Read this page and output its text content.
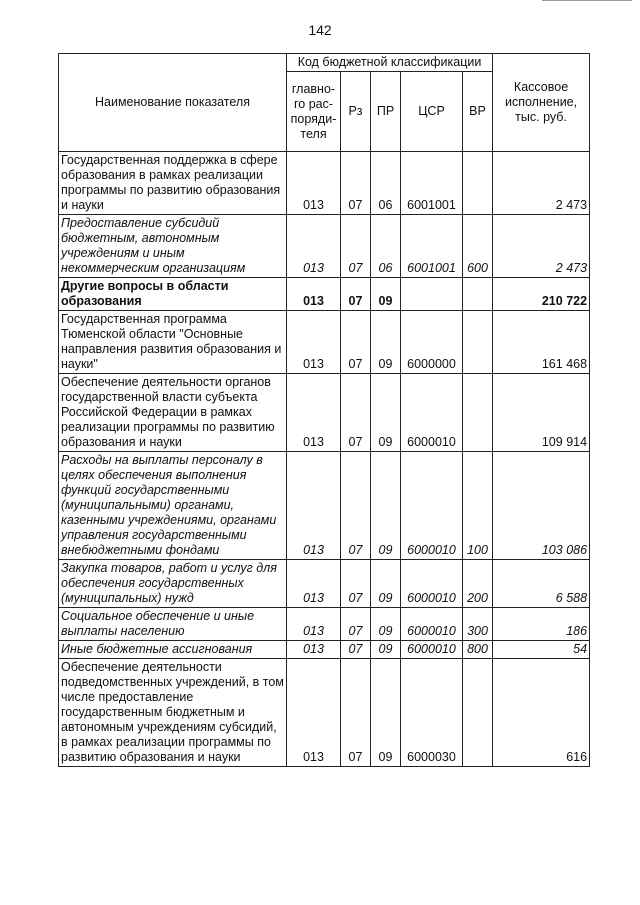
142
Наименование показателя	Код бюджетной классификации					Кассовое исполнение, тыс. руб.
	главно-го рас-поряди-теля	Рз	ПР	ЦСР	ВР	
Государственная поддержка в сфере образования в рамках реализации программы по развитию образования и науки	013	07	06	6001001		2 473
Предоставление субсидий бюджетным, автономным учреждениям и иным некоммерческим организациям	013	07	06	6001001	600	2 473
Другие вопросы в области образования	013	07	09			210 722
Государственная программа Тюменской области "Основные направления развития образования и науки"	013	07	09	6000000		161 468
Обеспечение деятельности органов государственной власти субъекта Российской Федерации в рамках реализации программы по развитию образования и науки	013	07	09	6000010		109 914
Расходы на выплаты персоналу в целях обеспечения выполнения функций государственными (муниципальными) органами, казенными учреждениями, органами управления государственными внебюджетными фондами	013	07	09	6000010	100	103 086
Закупка товаров, работ и услуг для обеспечения государственных (муниципальных) нужд	013	07	09	6000010	200	6 588
Социальное обеспечение и иные выплаты населению	013	07	09	6000010	300	186
Иные бюджетные ассигнования	013	07	09	6000010	800	54
Обеспечение деятельности подведомственных учреждений, в том числе предоставление государственным бюджетным и автономным учреждениям субсидий, в рамках реализации программы по развитию образования и науки	013	07	09	6000030		616
